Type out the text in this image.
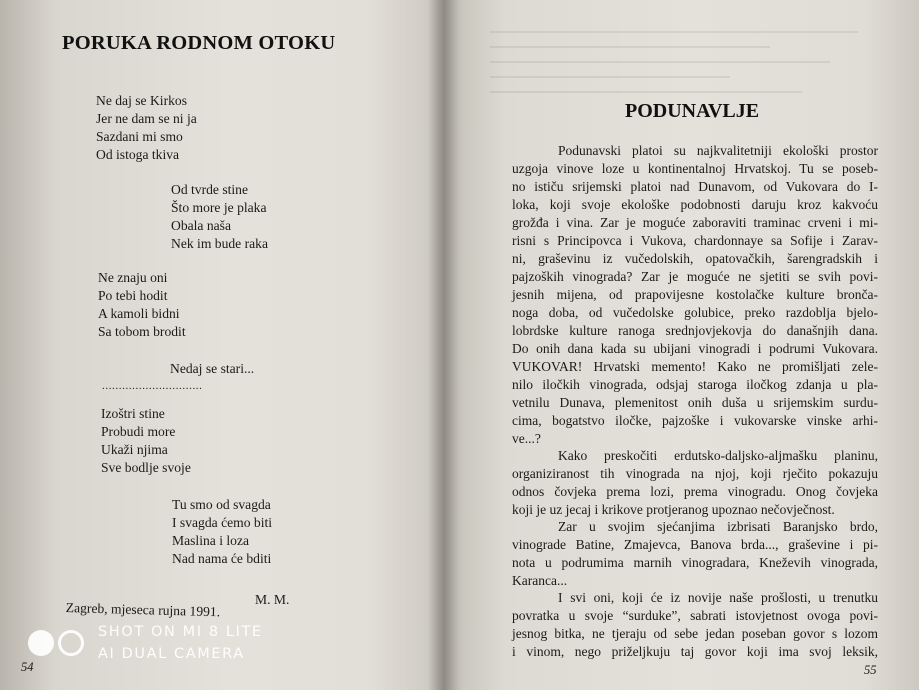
PORUKA RODNOM OTOKU
Ne daj se Kirkos
Jer ne dam se ni ja
Sazdani mi smo
Od istoga tkiva
Od tvrde stine
Što more je plaka
Obala naša
Nek im bude raka
Ne znaju oni
Po tebi hodit
A kamoli bidni
Sa tobom brodit
Nedaj se stari...
..............................
Izoštri stine
Probudi more
Ukaži njima
Sve bodlje svoje
Tu smo od svagda
I svagda ćemo biti
Maslina i loza
Nad nama će bditi
M. M.
Zagreb, mjeseca rujna 1991.
54
PODUNAVLJE
Podunavski platoi su najkvalitetniji ekološki prostor
uzgoja vinove loze u kontinentalnoj Hrvatskoj. Tu se poseb-
no ističu srijemski platoi nad Dunavom, od Vukovara do I-
loka, koji svoje ekološke podobnosti daruju kroz kakvoću
grožđa i vina. Zar je moguće zaboraviti traminac crveni i mi-
risni s Principovca i Vukova, chardonnaye sa Sofije i Zarav-
ni, graševinu iz vučedolskih, opatovačkih, šarengradskih i
pajzoških vinograda? Zar je moguće ne sjetiti se svih povi-
jesnih mijena, od prapovijesne kostolačke kulture bronča-
noga doba, od vučedolske golubice, preko razdoblja bjelo-
lobrdske kulture ranoga srednjovjekovja do današnjih dana.
Do onih dana kada su ubijani vinogradi i podrumi Vukovara.
VUKOVAR! Hrvatski memento! Kako ne promišljati zele-
nilo iločkih vinograda, odsjaj staroga iločkog zdanja u pla-
vetnilu Dunava, plemenitost onih duša u srijemskim surdu-
cima, bogatstvo iločke, pajzoške i vukovarske vinske arhi-
ve...?
Kako preskočiti erdutsko-daljsko-aljmašku planinu,
organiziranost tih vinograda na njoj, koji rječito pokazuju
odnos čovjeka prema lozi, prema vinogradu. Onog čovjeka
koji je uz jecaj i krikove protjeranog upoznao nečovječnost.
Zar u svojim sjećanjima izbrisati Baranjsko brdo,
vinograde Batine, Zmajevca, Banova brda..., graševine i pi-
nota u podrumima marnih vinogradara, Kneževih vinograda,
Karanca...
I svi oni, koji će iz novije naše prošlosti, u trenutku
povratka u svoje “surduke”, sabrati istovjetnost ovoga povi-
jesnog bitka, ne tjeraju od sebe jedan poseban govor s lozom
i vinom, nego priželjkuju taj govor koji ima svoj leksik,
55
SHOT ON MI 8 LITE
AI DUAL CAMERA
